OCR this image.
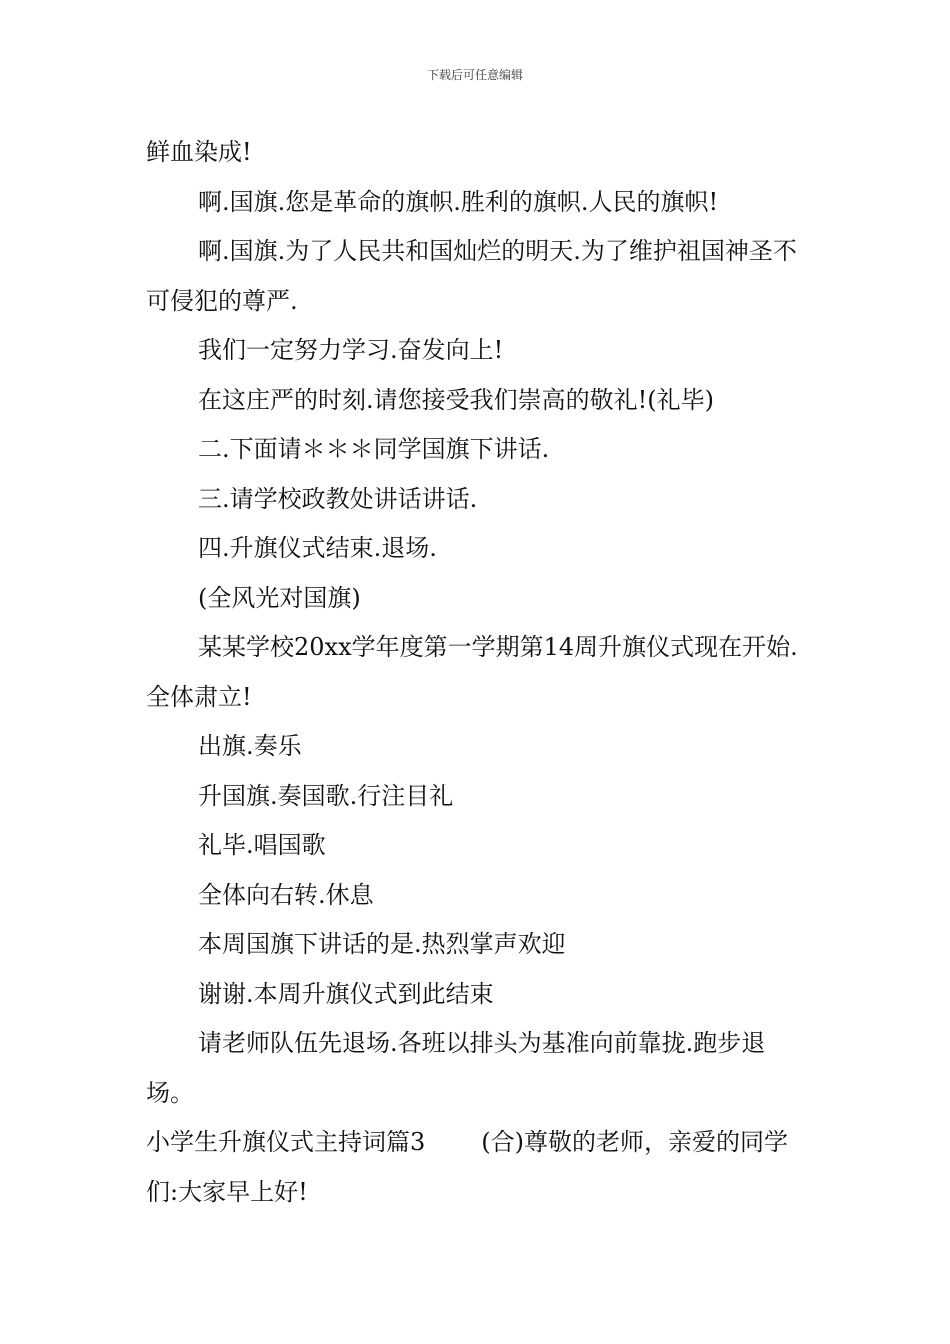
下载后可任意编辑

鲜血染成!

啊.国旗.您是革命的旗帜.胜利的旗帜.人民的旗帜!

啊.国旗.为了人民共和国灿烂的明天.为了维护祖国神圣不可侵犯的尊严.

我们一定努力学习.奋发向上!

在这庄严的时刻.请您接受我们崇高的敬礼!(礼毕)

二.下面请＊＊＊同学国旗下讲话.

三.请学校政教处讲话讲话.

四.升旗仪式结束.退场.

(全风光对国旗)

某某学校20xx学年度第一学期第14周升旗仪式现在开始.全体肃立!

出旗.奏乐

升国旗.奏国歌.行注目礼

礼毕.唱国歌

全体向右转.休息

本周国旗下讲话的是.热烈掌声欢迎

谢谢.本周升旗仪式到此结束

请老师队伍先退场.各班以排头为基准向前靠拢.跑步退场。

小学生升旗仪式主持词篇3 (合)尊敬的老师，亲爱的同学们:大家早上好!
